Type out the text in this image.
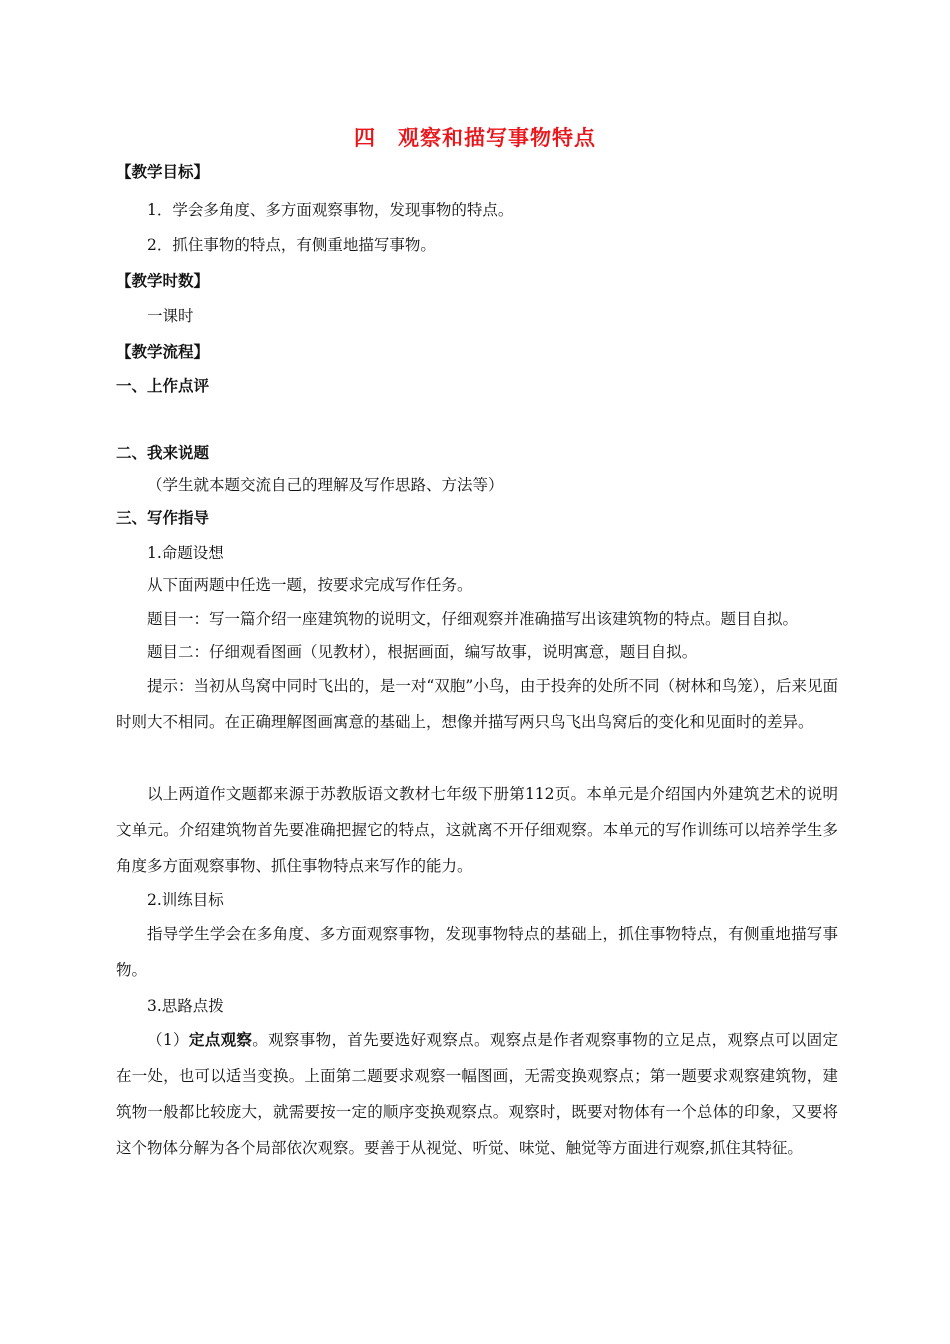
四　观察和描写事物特点
【教学目标】
1．学会多角度、多方面观察事物，发现事物的特点。
2．抓住事物的特点，有侧重地描写事物。
【教学时数】
一课时
【教学流程】
一、上作点评
二、我来说题
（学生就本题交流自己的理解及写作思路、方法等）
三、写作指导
1.命题设想
从下面两题中任选一题，按要求完成写作任务。
题目一：写一篇介绍一座建筑物的说明文，仔细观察并准确描写出该建筑物的特点。题目自拟。
题目二：仔细观看图画（见教材），根据画面，编写故事，说明寓意，题目自拟。

提示：当初从鸟窝中同时飞出的，是一对“双胞”小鸟，由于投奔的处所不同（树林和鸟笼），后来见面时则大不相同。在正确理解图画寓意的基础上，想像并描写两只鸟飞出鸟窝后的变化和见面时的差异。

以上两道作文题都来源于苏教版语文教材七年级下册第112页。本单元是介绍国内外建筑艺术的说明文单元。介绍建筑物首先要准确把握它的特点，这就离不开仔细观察。本单元的写作训练可以培养学生多角度多方面观察事物、抓住事物特点来写作的能力。

2.训练目标

指导学生学会在多角度、多方面观察事物，发现事物特点的基础上，抓住事物特点，有侧重地描写事物。

3.思路点拨

（1）定点观察。观察事物，首先要选好观察点。观察点是作者观察事物的立足点，观察点可以固定在一处，也可以适当变换。上面第二题要求观察一幅图画，无需变换观察点；第一题要求观察建筑物，建筑物一般都比较庞大，就需要按一定的顺序变换观察点。观察时，既要对物体有一个总体的印象，又要将这个物体分解为各个局部依次观察。要善于从视觉、听觉、味觉、触觉等方面进行观察,抓住其特征。
